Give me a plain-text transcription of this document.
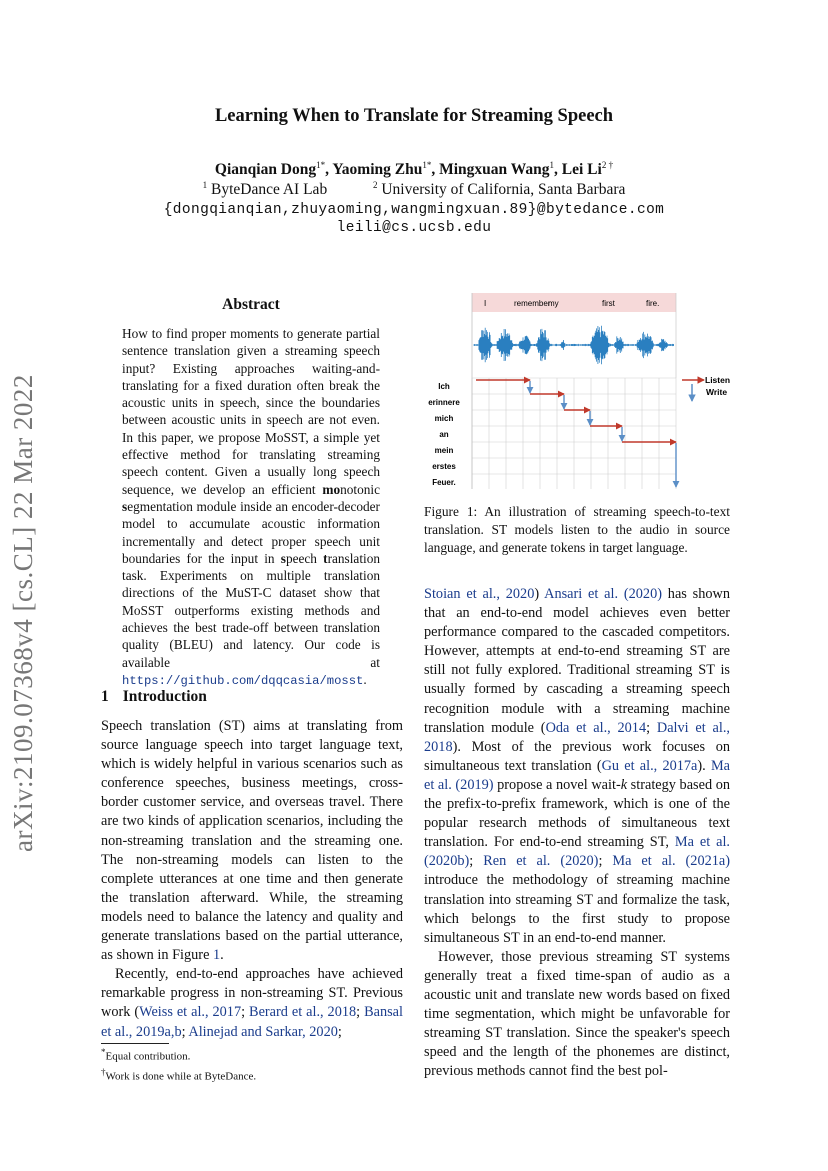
Learning When to Translate for Streaming Speech
Qianqian Dong$^{1*}$, Yaoming Zhu$^{1*}$, Mingxuan Wang$^1$, Lei $Li^{2 \dagger}$
$^1$ ByteDance AI Lab	$^2$ University of California, Santa Barbara
{dongqianqian,zhuyaoming,wangmingxuan.89}@bytedance.com
leili@cs.ucsb.edu
arXiv:2109.07368v4 [cs.CL] 22 Mar 2022
Abstract
How to find proper moments to generate partial sentence translation given a streaming speech input? Existing approaches waiting-and-translating for a fixed duration often break the acoustic units in speech, since the boundaries between acoustic units in speech are not even. In this paper, we propose MoSST, a simple yet effective method for translating streaming speech content. Given a usually long speech sequence, we develop an efficient monotonic segmentation module inside an encoder-decoder model to accumulate acoustic information incrementally and detect proper speech unit boundaries for the input in speech translation task. Experiments on multiple translation directions of the MuST-C dataset show that MoSST outperforms existing methods and achieves the best trade-off between translation quality (BLEU) and latency. Our code is available at https://github.com/dqqcasia/mosst.
1 Introduction

Speech translation (ST) aims at translating from source language speech into target language text, which is widely helpful in various scenarios such as conference speeches, business meetings, cross-border customer service, and overseas travel. There are two kinds of application scenarios, including the non-streaming translation and the streaming one. The non-streaming models can listen to the complete utterances at one time and then generate the translation afterward. While, the streaming models need to balance the latency and quality and generate translations based on the partial utterance, as shown in Figure 1.

Recently, end-to-end approaches have achieved remarkable progress in non-streaming ST. Previous work (Weiss et al., 2017; Berard et al., 2018; Bansal et al., 2019a,b; Alinejad and Sarkar, 2020;

*Equal contribution.
†Work is done while at ByteDance.
I	remember
my	first	fire.
Ich
erinnere
mich
an
mein
erstes
Feuer.
Listen
Write
Figure 1: An illustration of streaming speech-to-text translation. ST models listen to the audio in source language, and generate tokens in target language.

Stoian et al., 2020) Ansari et al. (2020) has shown that an end-to-end model achieves even better performance compared to the cascaded competitors. However, attempts at end-to-end streaming ST are still not fully explored. Traditional streaming ST is usually formed by cascading a streaming speech recognition module with a streaming machine translation module (Oda et al., 2014; Dalvi et al., 2018). Most of the previous work focuses on simultaneous text translation (Gu et al., 2017a). Ma et al. (2019) propose a novel wait-k strategy based on the prefix-to-prefix framework, which is one of the popular research methods of simultaneous text translation. For end-to-end streaming ST, Ma et al. (2020b); Ren et al. (2020); Ma et al. (2021a) introduce the methodology of streaming machine translation into streaming ST and formalize the task, which belongs to the first study to propose simultaneous ST in an end-to-end manner.

However, those previous streaming ST systems generally treat a fixed time-span of audio as a acoustic unit and translate new words based on fixed time segmentation, which might be unfavorable for streaming ST translation. Since the speaker's speech speed and the length of the phonemes are distinct, previous methods cannot find the best pol-
